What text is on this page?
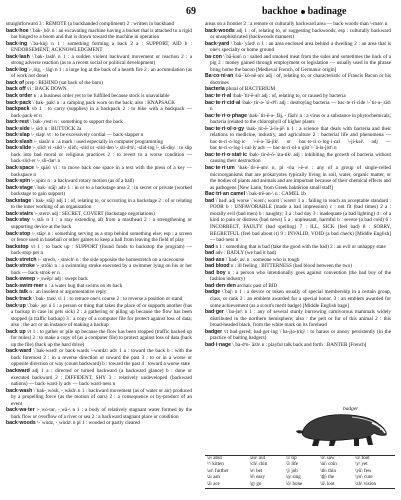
69	backhoe badinage

straightforward 3 : REMOTE (a backhanded compliment) 2 : written in backhand

back·hoe \ˈbak-ˌhō\ n : an excavating machine having a bucket that is attached to a rigid bar hinged to a boom and that is drawn toward the machine in operation

back·ing \ˈba-kiŋ\ n 1 : something forming a back 2 a : SUPPORT, AID b : ENDORSEMENT, ACKNOWLEDGMENT

back·lash \ˈbak-ˌlash\ n 1 : a sudden violent backward movement or reaction 2 : a strong adverse reaction (as to a recent social or political development)

back·log \-ˌlȯg, -ˌläg\ n 1 : a large log at the back of a hearth fire 2 : an accumulation (as of work not done)

back of prep : BEHIND (sat back of the barn)

back off vi : BACK DOWN

back order n : a business order yet to be fulfilled because stock is unavailable

back·pack \ˈbak-ˌpak\ n : a camping pack worn on the back; also : KNAPSACK

backpack vb 1 : to carry (supplies) in a backpack 2 : to hike with a backpack — back·pack·er n

back·rest \ˈbak-ˌrest\ n : something to support the back

back·side \-ˌsīd\ n : BUTTOCK 2a

back·slap \-ˌslap\ vt : to be excessively cordial — back·slapper n

back·slash \-ˌslash\ n : a mark \ used especially in computer programming

back·slide \-ˌslīd\ vi -slid \-ˌslid\; -slid or -slid·den \-ˌsli-dᵊn\; -slid·ing \-ˌslī-diŋ\ : to slip back into bad moral or religious practices 2 : to revert to a worse condition — back·slid·er \-ˌslī-dər\ n

back·space \-ˌspās\ vi : to move back one space in a text with the press of a key — backspace n

back·spin \-ˌspin\ n : a backward rotary motion (as of a ball)

back·stage \ˈbak-ˈstāj\ adv 1 : in or to a backstage area 2 : in secret or private (worked backstage to gain support)

backstage \ˈbak-ˌstāj\ adj 1 : of, relating to, or occurring in a backstage 2 : of or relating to the inner working of an organization

back·stairs \-ˌsterz\ adj : SECRET, COVERT (backstage negotiations)

back·stay \-ˌstā\ n 1 : a stay extending aft from a masthead 2 : a strengthening or supporting device at the back

back·stop \-ˌstäp\ n : something serving as a stop behind something else; esp : a screen or fence used in baseball or other games to keep a ball from leaving the field of play

backstop vt 1 : to back up : SUPPORT (found funds to backstop the program) — back·stop·per n

back·stretch \-ˈstrech, -ˌstrech\ n : the side opposite the homestretch on a racecourse

back·stroke \-ˌstrōk\ n : a swimming stroke executed by a swimmer lying on his or her back — back·strok·er n

back-sweep \-ˌswēp\ adj : swept back

back-swim·mer n : a water bug that swims on its back

back talk n : an insolent or argumentative reply

back·track \ˈbak-ˌtrak\ vi 1 : to retrace one's course 2 : to reverse a position or stand

back·up \ˈbak-ˌəp\ n 1 : a person or thing that takes the place of or supports another (has a backup in case its gets sick) 2 : a gathering or piling up because the flow has been stopped (a traffic backup) 3 : a copy of a computer file for protect against loss of data; also : the act or an instance of making a backup

back up vt 1 : to gather or pile up because the flow has been stopped (traffic backed up for miles) 2 : to make a copy of (as a computer file) to protect against loss of data (back up the file) (back up the hard drive)

back·ward \ˈbak-wərd\ or back·wards \-wərdz\ adv 1 a : toward the back b : with the back foremost 2 : in a reverse direction or toward the past 3 : to or in a worse or opposite direction or way (count backward) b : toward the past 4 : toward a worse state

backward adj 1 a : directed or turned backward (a backward glance) b : done or executed backward 2 : DIFFIDENT, SHY 3 : relatively undeveloped (backward nations) — back·ward·ly adv — back·ward·ness n

back·wash \ˈbak-ˌwȯsh, -ˌwäsh\ n 1 : backward movement (as of water or air) produced by a propelling force (as the motion of oars) 2 : a consequence or by-product of an event

back·wa·ter \-ˌwȯ-tər, -ˌwä-\ n 1 : a body of relatively stagnant water formed by the back flow or overflow of a river or sea 2 : a backward stagnant place or condition

back·woods \-ˈwu̇dz, -ˌwu̇dz\ n pl 1 : wooded or partly cleared

areas on a frontier 2 : a remote or culturally backward area — back·woods·man \-mən\ n

back·woods adj 1 : of, relating to, or suggesting backwoods; esp : culturally backward or unsophisticated (backwoods manners)

back·yard \ˈbak-ˈyärd\ n 1 : an area enclosed area behind a dwelling 2 : an area that is one's specialty or home ground

ba·con \ˈbā-kən\ n : salted and smoked meat from the sides and sometimes the back of a pig 2 : money gained through employment or legislation — usually used in the phrase bring home the bacon [Medieval French, of Germanic origin]

Ba·co·ni·an \bā-ˈkō-nē-ən\ adj : of, relating to, or characteristic of Francis Bacon or his doctrines

bacteria plural of BACTERIUM

bac·te·ri·al \bak-ˈtir-ē-əl\ adj : of, relating to, or caused by bacteria

bac·te·ri·cid·al \bak-ˌtir-ə-ˈsī-dᵊl\ adj : destroying bacteria — bac·te·ri·cide \-ˈtir-ə-ˌsīd\ n

bac·te·ri·o·phage \bak-ˈtir-ē-ə-ˌfāj, -ˌfäzh\ n : a virus or a substance in phytochemicals; bacteria (related to the chlorophyll of higher plants

bac·te·ri·ol·o·gy \bak-ˌtir-ē-ˈä-lə-jē\ n 1 : a science that deals with bacteria and their relations to medicine, industry, and agriculture 2 : bacterial life and phenomena — bac·te·ri·o·log·ic \-ē-ə-ˈlä-jik\ or bac·te·ri·o·log·i·cal \-ji-kəl\ adj — bac·te·ri·o·log·i·cal·ly adv — bac·te·ri·ol·o·gist \-ˈä-lə-jist\ n

bac·te·ri·o·stat·ic \bak-ˌtir-ē-ō-ˈsta-tik\ adj : inhibiting the growth of bacteria without causing their destruction

bac·te·ri·um \bak-ˈtir-ē-əm\ n, pl -ria \-ē-ə\ : any of a group of single-celled microorganisms that are prokaryotes typically living in soil, water, organic matter, or the bodies of plants and animals and are important because of their chemical effects and as pathogens [New Latin, from Greek baktērion small staff]

Bac·tri·an camel \ˈbak-trē-ən-\ n : CAMEL 1b

bad \ˈbad\ adj worse \ˈwərs\; worst \ˈwərst\ 1 a : failing to reach an acceptable standard : POOR b : UNFAVORABLE (made a bad impression) c : not fit (bad times) 2 a : morally evil (bad men) b : naughty; 3 a : bad day 3 : inadequate (a bad lighting) 4 : of a kind to pain or distress (bad news) 5 a : unpleasant, harmful b : severe (a bad cold) 6 : INCORRECT, FAULTY (bad spelling) 7 : ILL, SICK (feel bad) 8 : SORRY, REGRETFUL (feel bad about it) 9 : INVALID, VOID (a bad check) [Middle English] — bad·ness n

bad n 1 : something that is bad (take the good with the bad) 2 : an evil or unhappy state

bad adv : BADLY (we had it bad)

bad·ass \ˈbad-ˌas\ n : someone who is tough

bad blood n : ill feeling : BITTERNESS (bad blood between the two)

bad boy n : a person who intentionally goes against convention (the bad boy of the fashion industry)

bad·den·den archaic past of BID

badge \ˈbaj\ n 1 : a device or token usually of special membership in a certain group, class, or rank 2 : an emblem awarded for a special honor. 3 : an emblem awarded for some achievement (as a scout's merit badge) [Middle English bage]

bad·ger \ˈba-jər\ n 1 : any of several sturdy burrowing carnivorous mammals widely distributed in the northern hemisphere; also : the pelt or fur of this animal 2 : this broad-headed black, from the white mark on its forehead

badger vt bad·gered; bad·ger·ing \ˈba-j(ə-)riŋ\ : to harass or annoy persistently (in the practice of baiting badgers)

bad·i·nage \ˌba-dᵊn-ˈäzh\ n : playful talk back and forth : BANTER [French]

badger
\ə\ abut	\au̇\ out	\i\ tip	\ȯ\ saw	\u̇\ foot
\ᵊ\ kitten	\ch\ chin	\ī\ life	\ȯi\ coin	\y\ yet
\ər\ further	\e\ bet	\j\ job	\th\ thin	\yü\ few
\a\ ash	\ē\ easy	\ŋ\ sing	\t͟h\ the	\yu̇\ cure
\ā\ ace	\g\ go	\ō\ bone	\ü\ loot	\zh\ vision
